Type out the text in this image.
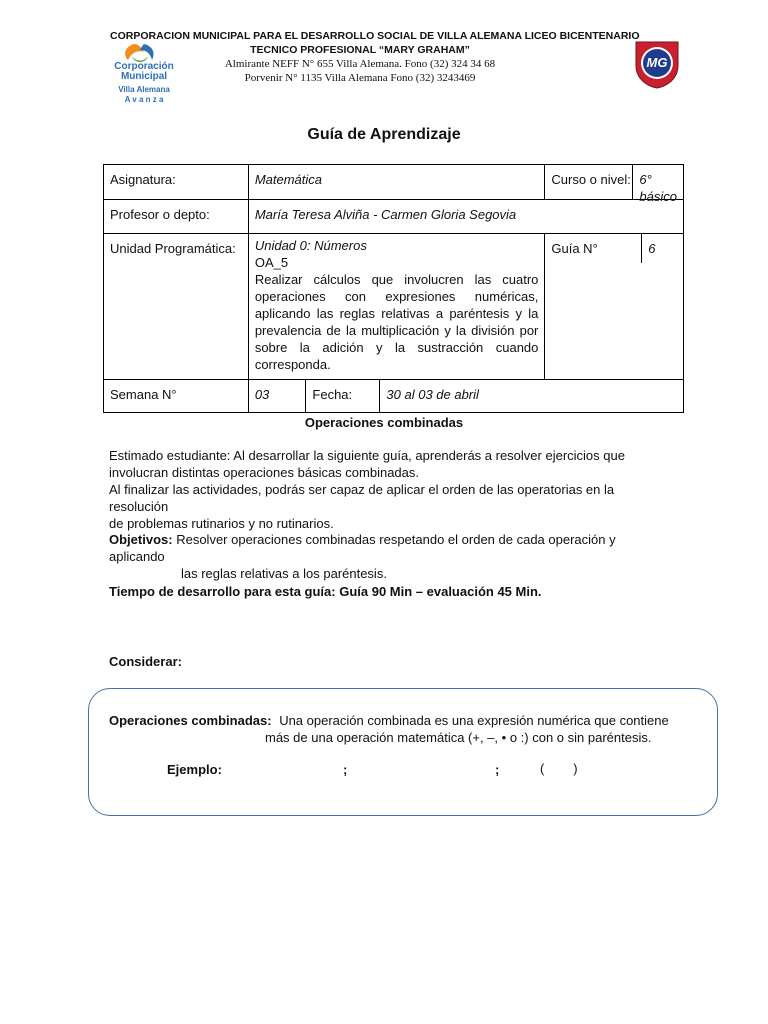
Corporación
Municipal
Villa Alemana
A v a n z a
MG
CORPORACION MUNICIPAL PARA EL DESARROLLO SOCIAL DE VILLA ALEMANA LICEO BICENTENARIO
TECNICO PROFESIONAL “MARY GRAHAM”
Almirante NEFF N° 655 Villa Alemana. Fono (32) 324 34 68
Porvenir N° 1135 Villa Alemana Fono (32) 3243469
Guía de Aprendizaje
Asignatura:	Matemática		Curso o nivel: 6° básico	

Profesor o depto:	María Teresa Alviña - Carmen Gloria Segovia			

Unidad Programática:	Unidad 0: Números
OA_5
Realizar cálculos que involucren las cuatro operaciones con expresiones numéricas, aplicando las reglas relativas a paréntesis y la prevalencia de la multiplicación y la división por sobre la adición y la sustracción cuando corresponda.		Guía N°	6

Semana N°	03	Fecha: 30 al 03 de abril		
Operaciones combinadas
Estimado estudiante: Al desarrollar la siguiente guía, aprenderás a resolver ejercicios que
involucran distintas operaciones básicas combinadas.
Al finalizar las actividades, podrás ser capaz de aplicar el orden de las operatorias en la resolución
de problemas rutinarios y no rutinarios.
Objetivos: Resolver operaciones combinadas respetando el orden de cada operación y aplicando
las reglas relativas a los paréntesis.
Tiempo de desarrollo para esta guía: Guía 90 Min – evaluación 45 Min.
Considerar:
Operaciones combinadas: Una operación combinada es una expresión numérica que contiene
más de una operación matemática (+, –, • o :) con o sin paréntesis.
Ejemplo:	;	;	(        )
